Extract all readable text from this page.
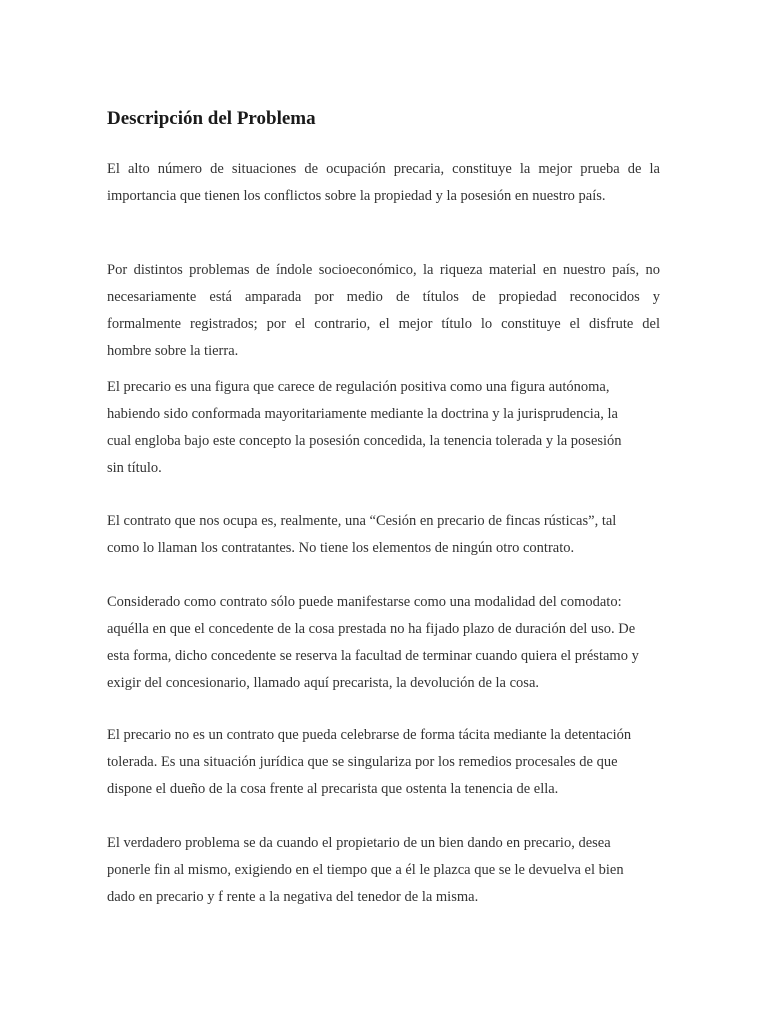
Descripción del Problema

El alto número de situaciones de ocupación precaria, constituye la mejor prueba de la
importancia que tienen los conflictos sobre la propiedad y la posesión en nuestro país.

Por distintos problemas de índole socioeconómico, la riqueza material en nuestro país, no
necesariamente está amparada por medio de títulos de propiedad reconocidos y
formalmente registrados; por el contrario, el mejor título lo constituye el disfrute del
hombre sobre la tierra.

El precario es una figura que carece de regulación positiva como una figura autónoma,
habiendo sido conformada mayoritariamente mediante la doctrina y la jurisprudencia, la
cual engloba bajo este concepto la posesión concedida, la tenencia tolerada y la posesión
sin título.

El contrato que nos ocupa es, realmente, una “Cesión en precario de fincas rústicas”, tal
como lo llaman los contratantes. No tiene los elementos de ningún otro contrato.

Considerado como contrato sólo puede manifestarse como una modalidad del comodato:
aquélla en que el concedente de la cosa prestada no ha fijado plazo de duración del uso. De
esta forma, dicho concedente se reserva la facultad de terminar cuando quiera el préstamo y
exigir del concesionario, llamado aquí precarista, la devolución de la cosa.

El precario no es un contrato que pueda celebrarse de forma tácita mediante la detentación
tolerada. Es una situación jurídica que se singulariza por los remedios procesales de que
dispone el dueño de la cosa frente al precarista que ostenta la tenencia de ella.

El verdadero problema se da cuando el propietario de un bien dando en precario, desea
ponerle fin al mismo, exigiendo en el tiempo que a él le plazca que se le devuelva el bien
dado en precario y f rente a la negativa del tenedor de la misma.
